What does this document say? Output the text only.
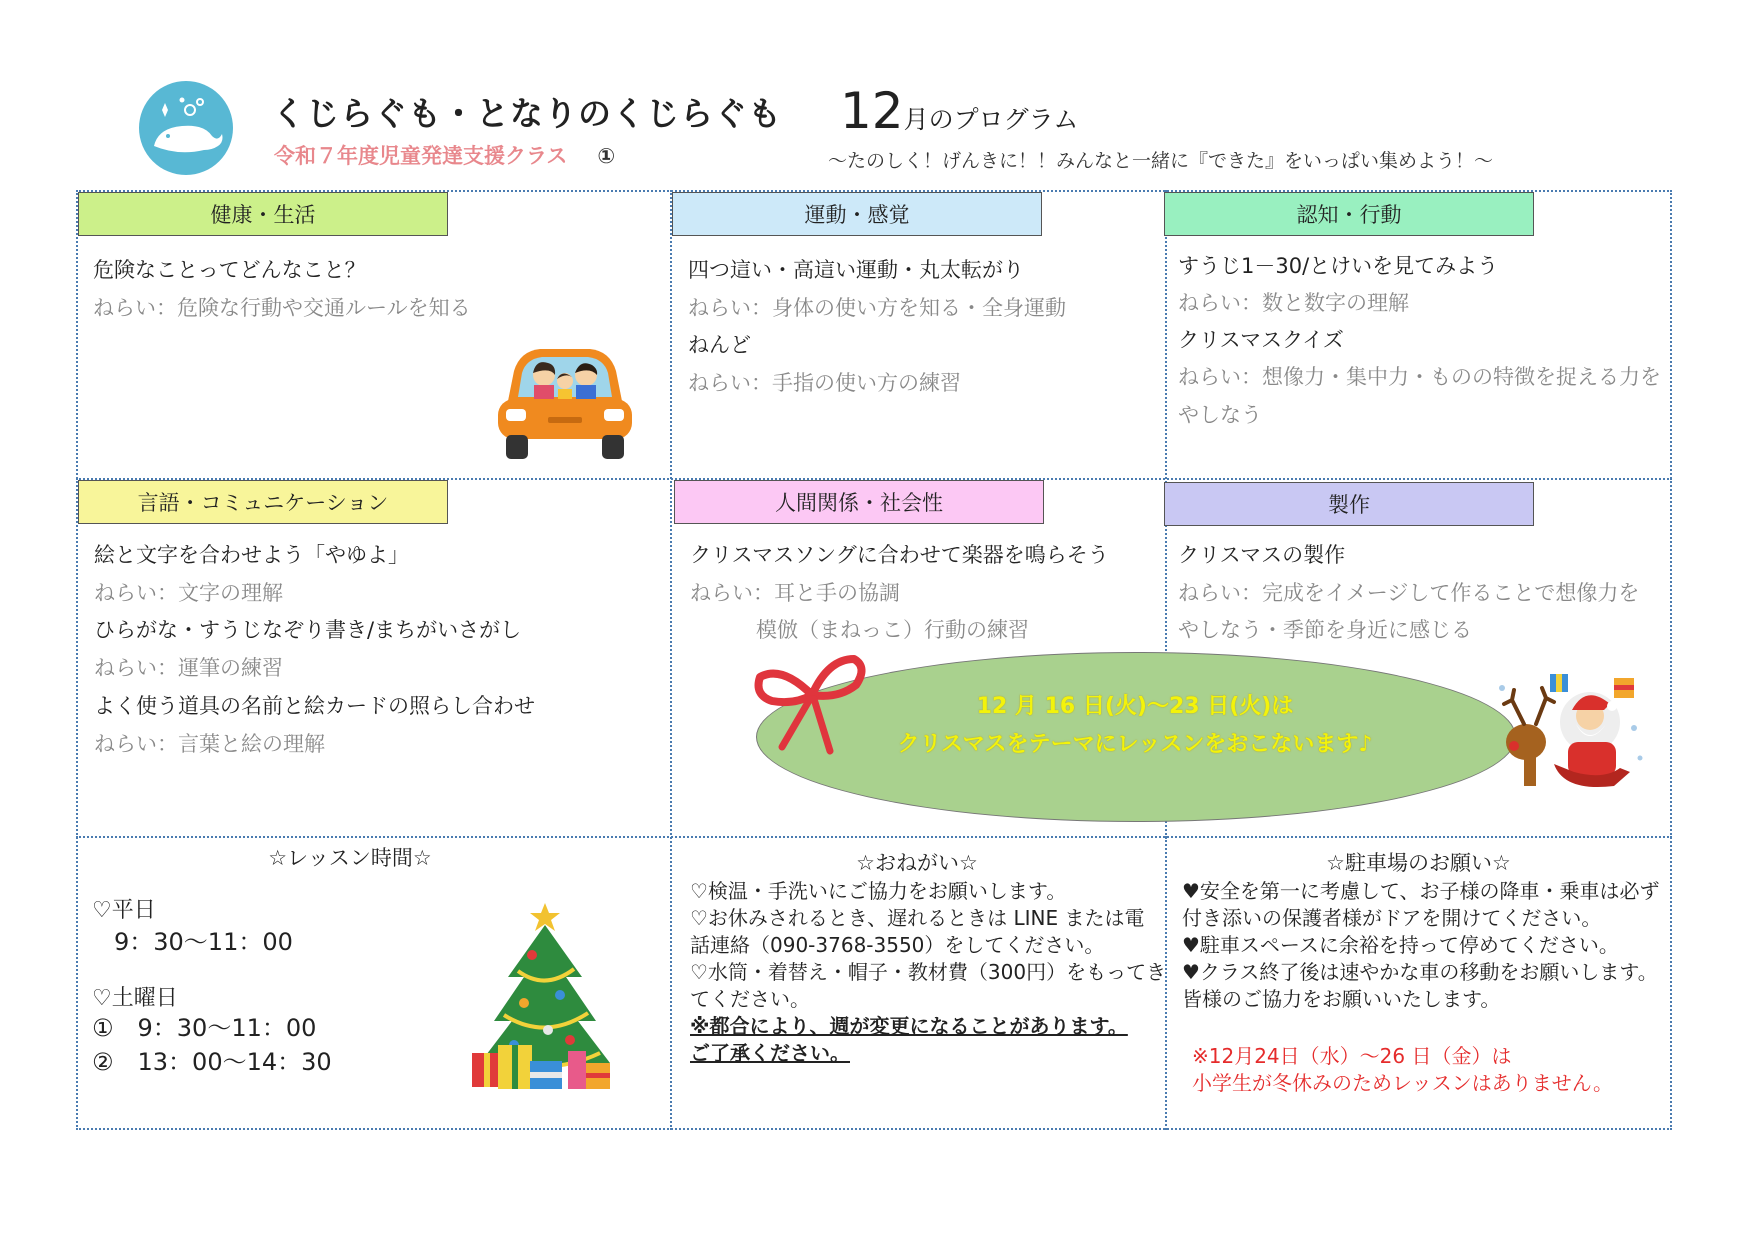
くじらぐも・となりのくじらぐも
令和７年度児童発達支援クラス ①
12月のプログラム
～たのしく！げんきに！！みんなと一緒に『できた』をいっぱい集めよう！～
健康・生活
危険なことってどんなこと？
ねらい：危険な行動や交通ルールを知る
運動・感覚
四つ這い・高這い運動・丸太転がり
ねらい：身体の使い方を知る・全身運動
ねんど
ねらい：手指の使い方の練習
認知・行動
すうじ1－30/とけいを見てみよう
ねらい：数と数字の理解
クリスマスクイズ
ねらい：想像力・集中力・ものの特徴を捉える力を
やしなう
言語・コミュニケーション
絵と文字を合わせよう「やゆよ」
ねらい：文字の理解
ひらがな・すうじなぞり書き/まちがいさがし
ねらい：運筆の練習
よく使う道具の名前と絵カードの照らし合わせ
ねらい：言葉と絵の理解
人間関係・社会性
クリスマスソングに合わせて楽器を鳴らそう
ねらい：耳と手の協調
模倣（まねっこ）行動の練習
製作
クリスマスの製作
ねらい：完成をイメージして作ることで想像力を
やしなう・季節を身近に感じる
12 月 16 日(火)～23 日(火)は
クリスマスをテーマにレッスンをおこないます♪
☆レッスン時間☆
♡平日
9：30～11：00
♡土曜日
①　9：30～11：00
②　13：00～14：30
☆おねがい☆
♡検温・手洗いにご協力をお願いします。
♡お休みされるとき、遅れるときは LINE または電
話連絡（090-3768-3550）をしてください。
♡水筒・着替え・帽子・教材費（300円）をもってき
てください。
※都合により、週が変更になることがあります。
ご了承ください。
☆駐車場のお願い☆
♥安全を第一に考慮して、お子様の降車・乗車は必ず
付き添いの保護者様がドアを開けてください。
♥駐車スペースに余裕を持って停めてください。
♥クラス終了後は速やかな車の移動をお願いします。
皆様のご協力をお願いいたします。
※12月24日（水）～26 日（金）は
小学生が冬休みのためレッスンはありません。
